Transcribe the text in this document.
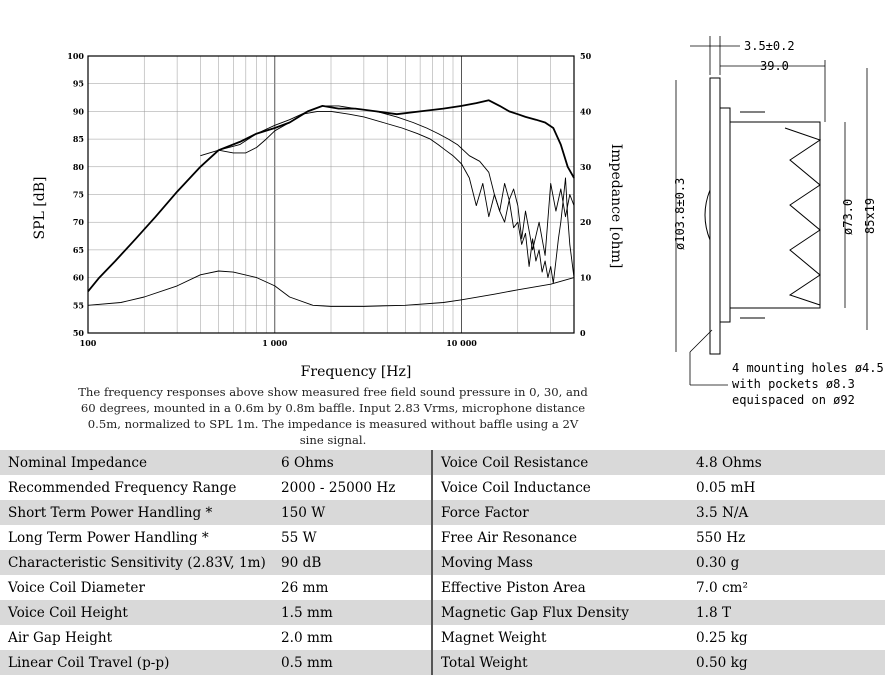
50
55
60
65
70
75
80
85
90
95
100
0
10
20
30
40
50
100	1 000	10 000
SPL [dB]	Impedance [ohm]
Frequency [Hz]
3.5±0.2
39.0
ø103.8±0.3	ø73.0 85x19
4 mounting holes ø4.5
with pockets ø8.3
equispaced on ø92
The frequency responses above show measured free field sound pressure in 0, 30, and 60 degrees, mounted in a 0.6m by 0.8m baffle. Input 2.83 Vrms, microphone distance 0.5m, normalized to SPL 1m. The impedance is measured without baffle using a 2V sine signal.
Nominal Impedance	6 Ohms	Voice Coil Resistance	4.8 Ohms
Recommended Frequency Range	2000 - 25000 Hz	Voice Coil Inductance	0.05 mH
Short Term Power Handling *	150 W	Force Factor	3.5 N/A
Long Term Power Handling *	55 W	Free Air Resonance	550 Hz
Characteristic Sensitivity (2.83V, 1m)	90 dB	Moving Mass	0.30 g
Voice Coil Diameter	26 mm	Effective Piston Area	7.0 cm²
Voice Coil Height	1.5 mm	Magnetic Gap Flux Density	1.8 T
Air Gap Height	2.0 mm	Magnet Weight	0.25 kg
Linear Coil Travel (p-p)	0.5 mm	Total Weight	0.50 kg
